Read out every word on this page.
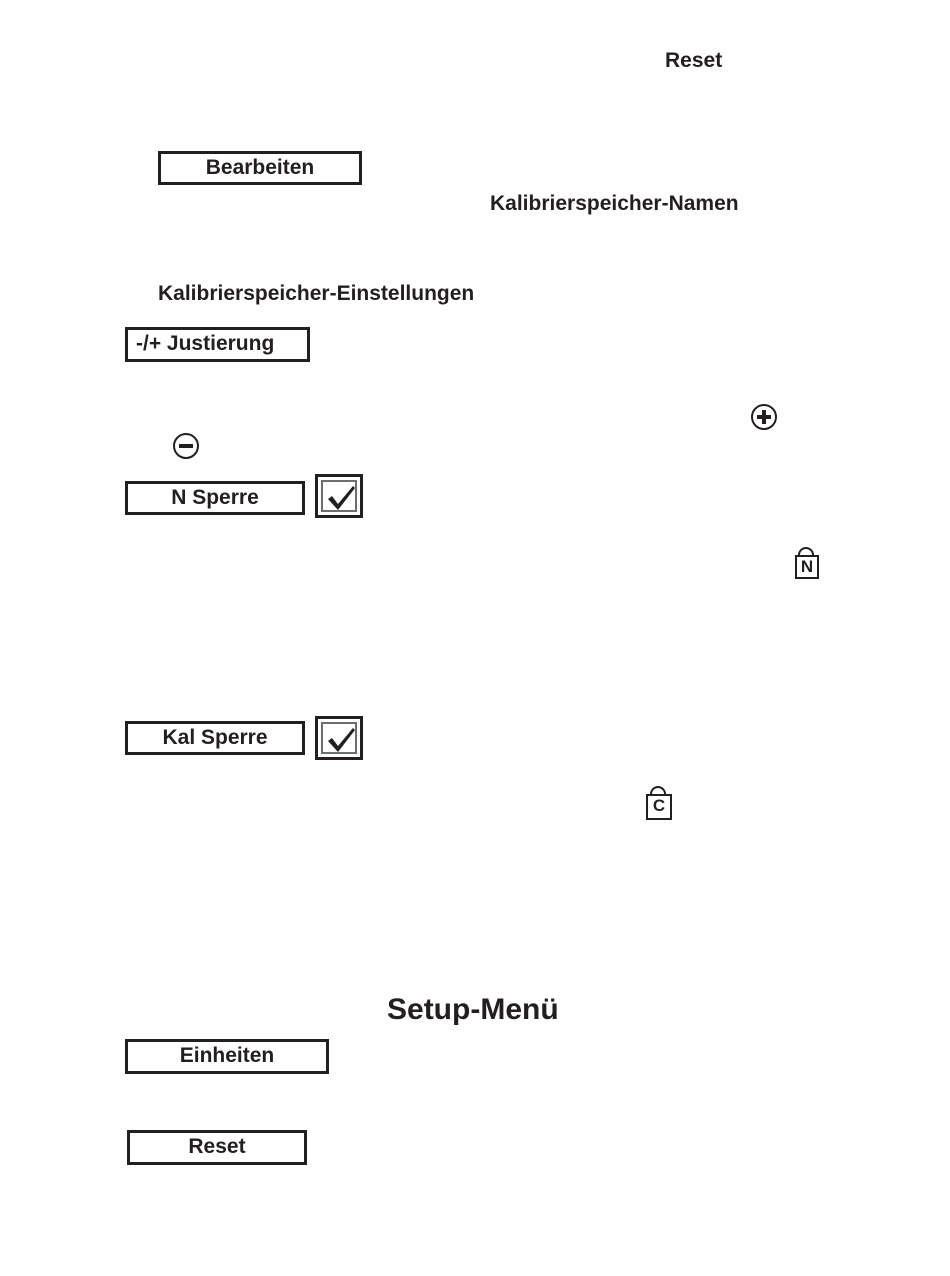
Reset
Bearbeiten
Kalibrierspeicher-Namen
Kalibrierspeicher-Einstellungen
-/+ Justierung
N Sperre
N
Kal Sperre
C
Setup-Menü
Einheiten
Reset
